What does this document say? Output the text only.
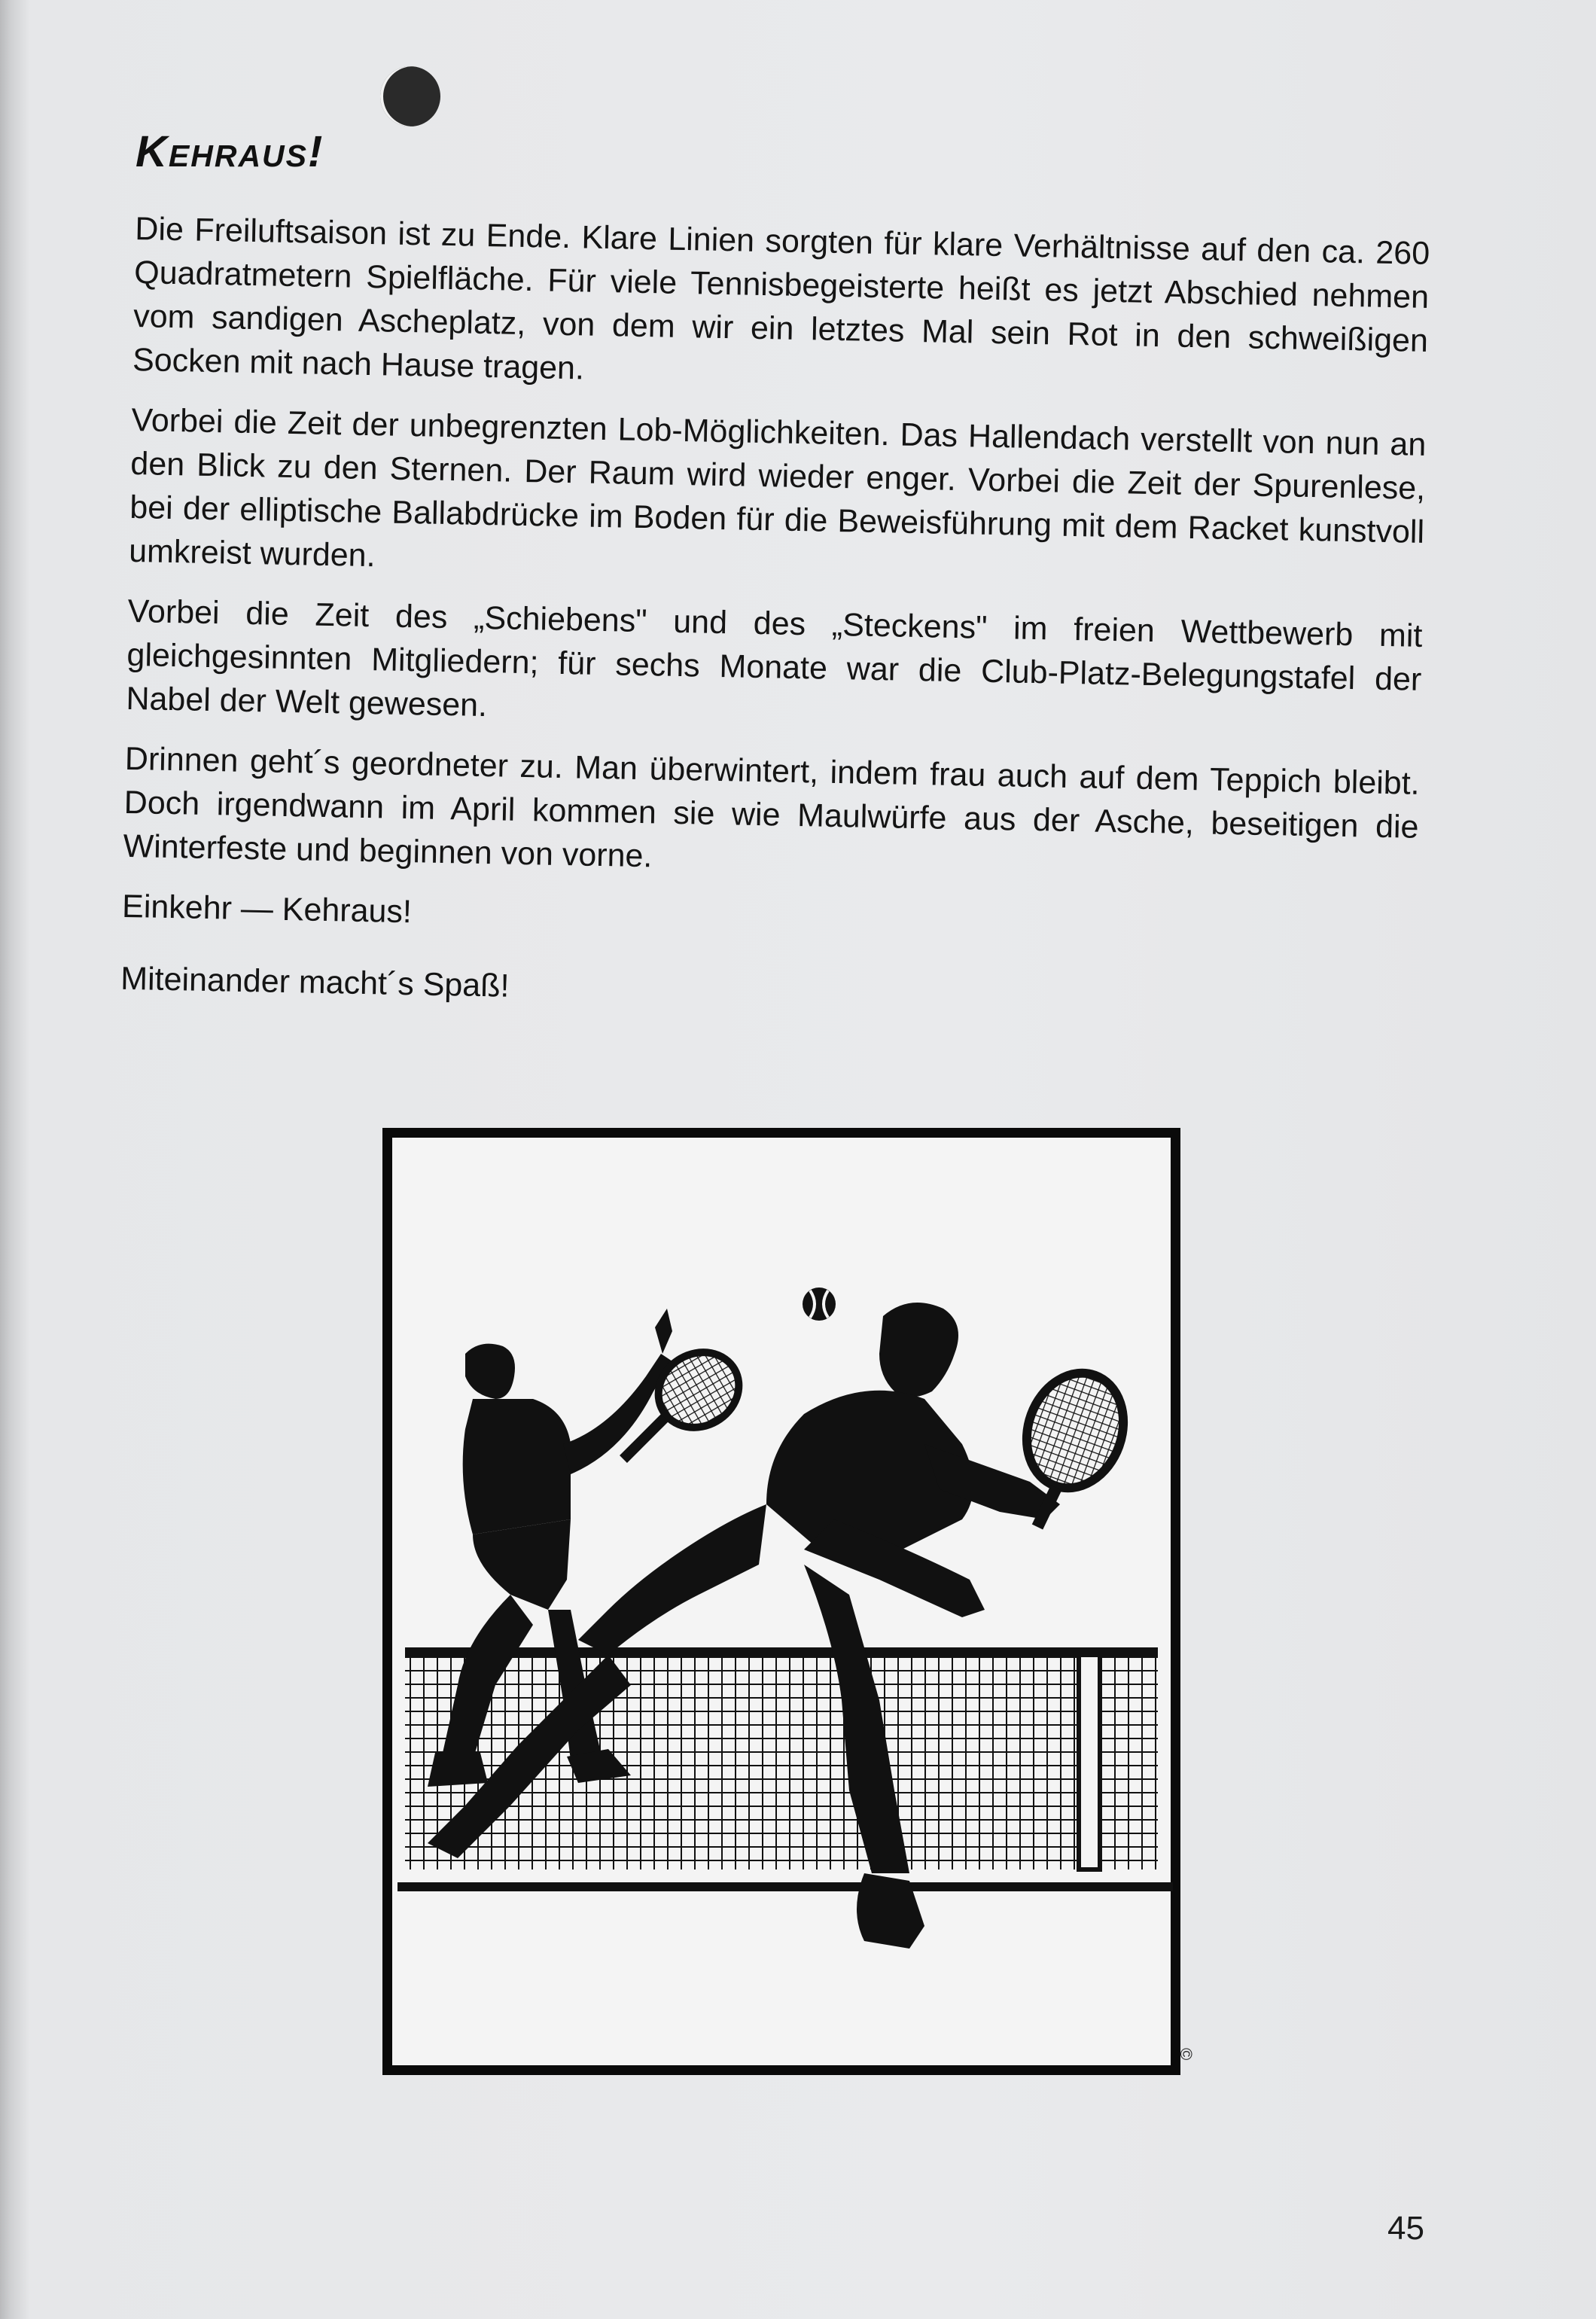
Kehraus!

Die Freiluftsaison ist zu Ende. Klare Linien sorgten für klare Verhältnisse auf den ca. 260 Quadratmetern Spielfläche. Für viele Tennisbegeisterte heißt es jetzt Abschied nehmen vom sandigen Ascheplatz, von dem wir ein letztes Mal sein Rot in den schweißigen Socken mit nach Hause tragen.

Vorbei die Zeit der unbegrenzten Lob-Möglichkeiten. Das Hallendach verstellt von nun an den Blick zu den Sternen. Der Raum wird wieder enger. Vorbei die Zeit der Spurenlese, bei der elliptische Ballabdrücke im Boden für die Beweisführung mit dem Racket kunstvoll umkreist wurden.

Vorbei die Zeit des „Schiebens" und des „Steckens" im freien Wettbewerb mit gleichgesinnten Mitgliedern; für sechs Monate war die Club-Platz-Belegungstafel der Nabel der Welt gewesen.

Drinnen geht´s geordneter zu. Man überwintert, indem frau auch auf dem Teppich bleibt. Doch irgendwann im April kommen sie wie Maulwürfe aus der Asche, beseitigen die Winterfeste und beginnen von vorne.

Einkehr — Kehraus!

Miteinander macht´s Spaß!

©
45
